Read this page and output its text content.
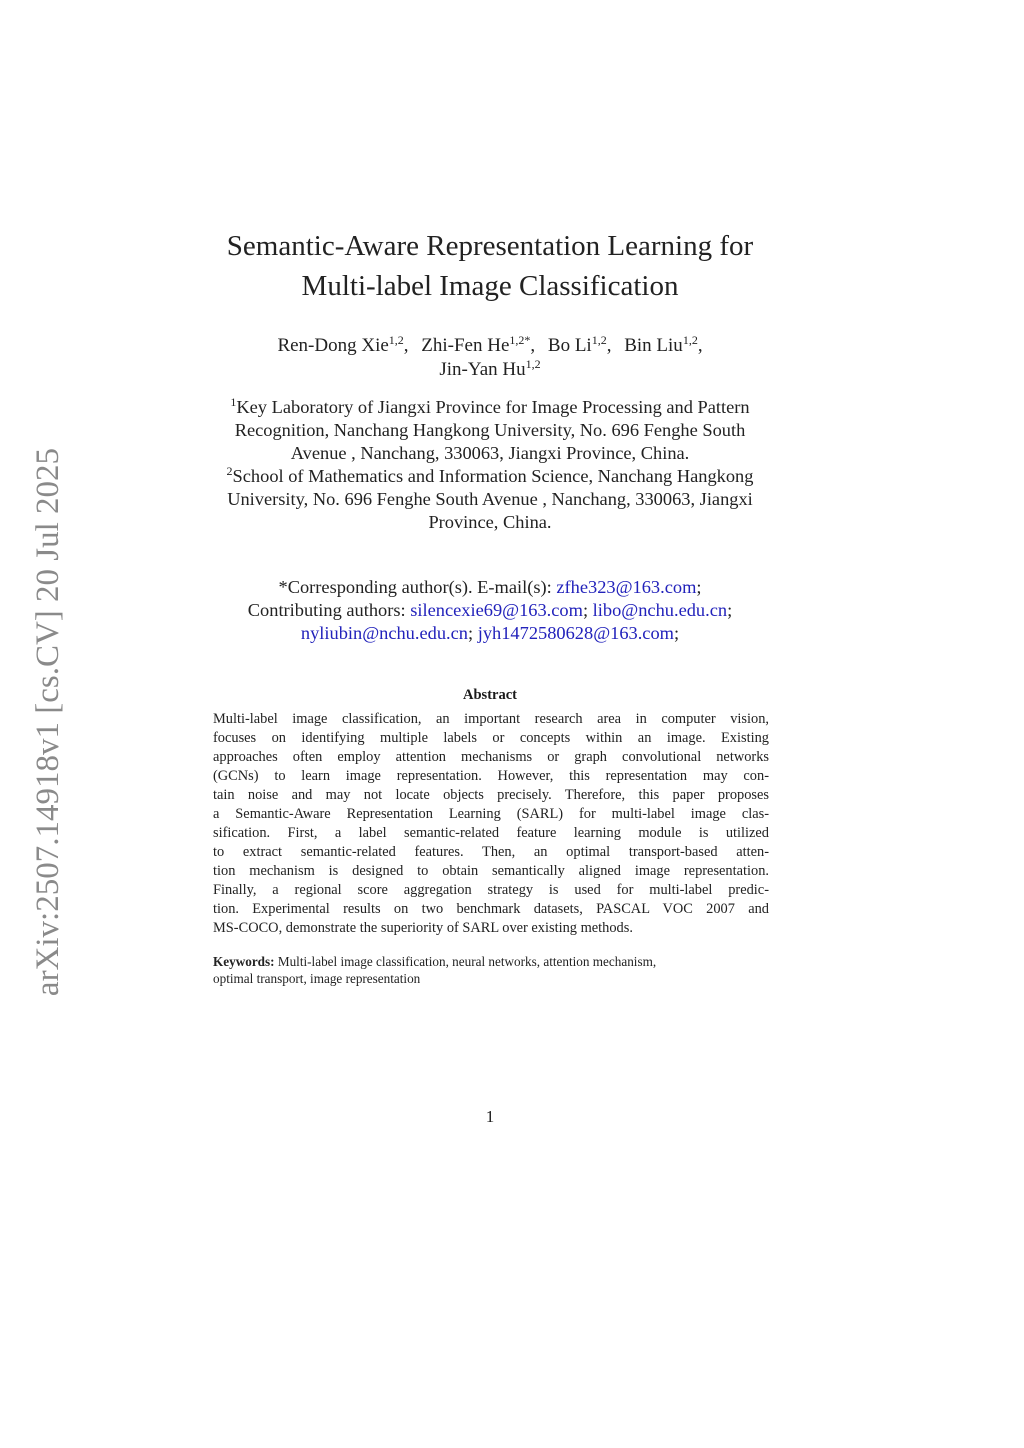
arXiv:2507.14918v1 [cs.CV] 20 Jul 2025
Semantic-Aware Representation Learning for
Multi-label Image Classification
Ren-Dong Xie$^{1,2}$, Zhi-Fen $He^{1,2*}$, Bo Li$^{1,2}$, Bin Liu$^{1,2}$,
Jin-Yan Hu$^{1,2}$
$^1$Key Laboratory of Jiangxi Province for Image Processing and Pattern
Recognition, Nanchang Hangkong University, No. 696 Fenghe South
Avenue , Nanchang, 330063, Jiangxi Province, China.
$^2$School of Mathematics and Information Science, Nanchang Hangkong
University, No. 696 Fenghe South Avenue , Nanchang, 330063, Jiangxi
Province, China.
*Corresponding author(s). E-mail(s): zfhe323@163.com;
Contributing authors: silencexie69@163.com; libo@nchu.edu.cn;
nyliubin@nchu.edu.cn; jyh1472580628@163.com;
Abstract
Multi-label image classification, an important research area in computer vision,
focuses on identifying multiple labels or concepts within an image. Existing
approaches often employ attention mechanisms or graph convolutional networks
(GCNs) to learn image representation. However, this representation may con-
tain noise and may not locate objects precisely. Therefore, this paper proposes
a Semantic-Aware Representation Learning (SARL) for multi-label image clas-
sification. First, a label semantic-related feature learning module is utilized
to extract semantic-related features. Then, an optimal transport-based atten-
tion mechanism is designed to obtain semantically aligned image representation.
Finally, a regional score aggregation strategy is used for multi-label predic-
tion. Experimental results on two benchmark datasets, PASCAL VOC 2007 and
MS-COCO, demonstrate the superiority of SARL over existing methods.
Keywords: Multi-label image classification, neural networks, attention mechanism,
optimal transport, image representation
1
